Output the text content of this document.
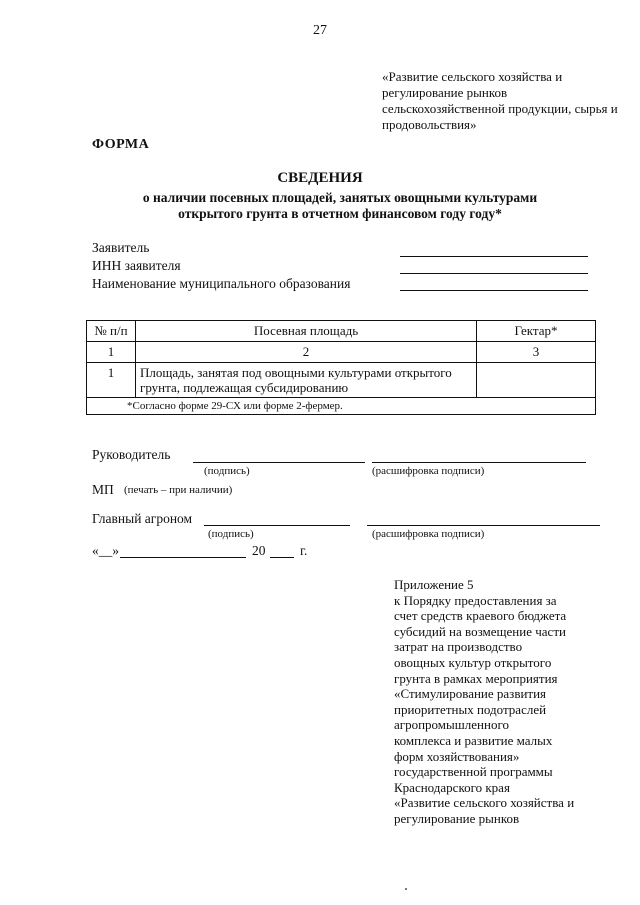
27
«Развитие сельского хозяйства и регулирование рынков сельскохозяйственной продукции, сырья и продовольствия»
ФОРМА
СВЕДЕНИЯ
о наличии посевных площадей, занятых овощными культурами
открытого грунта в отчетном финансовом году году*
Заявитель
ИНН заявителя
Наименование муниципального образования
№ п/п	Посевная площадь	Гектар*
1	2	3
1	Площадь, занятая под овощными культурами открытого грунта, подлежащая субсидированию	
*Согласно форме 29-СХ или форме 2-фермер.		
Руководитель
(подпись)	(расшифровка подписи)
МП (печать – при наличии)
Главный агроном
(подпись)	(расшифровка подписи)
«__»	20	г.
Приложение 5
к Порядку предоставления за
счет средств краевого бюджета
субсидий на возмещение части
затрат на производство
овощных культур открытого
грунта в рамках мероприятия
«Стимулирование развития
приоритетных подотраслей
агропромышленного
комплекса и развитие малых
форм хозяйствования»
государственной программы
Краснодарского края
«Развитие сельского хозяйства и
регулирование рынков
